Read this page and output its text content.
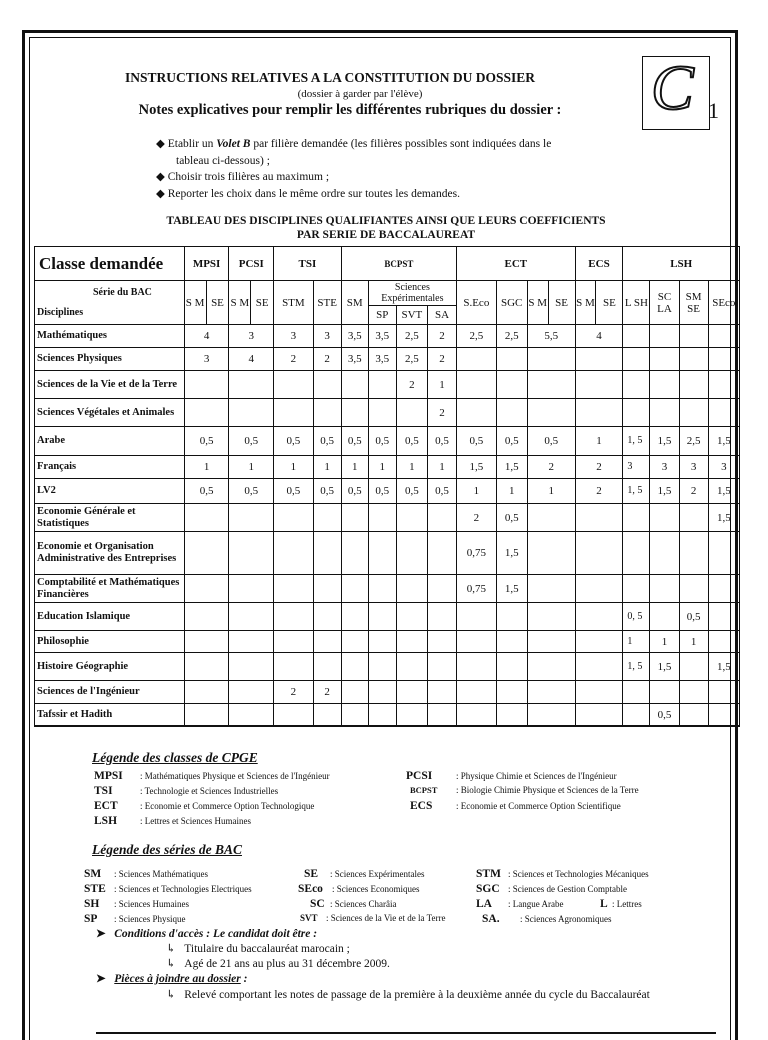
INSTRUCTIONS RELATIVES A LA CONSTITUTION DU DOSSIER
(dossier à garder par l'élève)
Notes explicatives pour remplir les différentes rubriques du dossier :	C 1
◆ Etablir un Volet B par filière demandée (les filières possibles sont indiquées dans le
tableau ci-dessous) ;
◆ Choisir trois filières au maximum ;
◆ Reporter les choix dans le même ordre sur toutes les demandes.
TABLEAU DES DISCIPLINES QUALIFIANTES AINSI QUE LEURS COEFFICIENTS
PAR SERIE DE BACCALAUREAT
Classe demandée	MPSI		PCSI		TSI		BCPST				ECT				ECS		LSH			

Série du BAC
Disciplines	S M	SE	S M	SE	STM	STE	SM	Sciences Expérimentales			S.Eco	SGC	S M	SE	S M	SE	L SH	SC LA	SM SE	SEco
								SP	SVT	SA										
Mathématiques	4		3		3	3	3,5	3,5	2,5	2	2,5	2,5	5,5		4					
Sciences Physiques	3		4		2	2	3,5	3,5	2,5	2										
Sciences de la Vie et de la Terre									2	1										
Sciences Végétales et Animales										2										
Arabe	0,5		0,5		0,5	0,5	0,5	0,5	0,5	0,5	0,5	0,5	0,5		1		1, 5	1,5	2,5	1,5
Français	1		1		1	1	1	1	1	1	1,5	1,5	2		2		3	3	3	3
LV2	0,5		0,5		0,5	0,5	0,5	0,5	0,5	0,5	1	1	1		2		1, 5	1,5	2	1,5
Economie Générale et Statistiques											2	0,5								1,5
Economie et Organisation Administrative des Entreprises											0,75	1,5								
Comptabilité et Mathématiques Financières											0,75	1,5								
Education Islamique																	0, 5		0,5	
Philosophie																	1	1	1	
Histoire Géographie																	1, 5	1,5		1,5
Sciences de l'Ingénieur					2	2														
Tafssir et Hadith																		0,5		
Légende des classes de CPGE
MPSI : Mathématiques Physique et Sciences de l'Ingénieur	PCSI	: Physique Chimie et Sciences de l'Ingénieur
TSI	: Technologie et Sciences Industrielles	BCPST : Biologie Chimie Physique et Sciences de la Terre
ECT : Economie et Commerce Option Technologique	ECS	: Economie et Commerce Option Scientifique
LSH	: Lettres et Sciences Humaines
Légende des séries de BAC
SM : Sciences Mathématiques	SE : Sciences Expérimentales	STM : Sciences et Technologies Mécaniques
STE : Sciences et Technologies Electriques	SEco : Sciences Economiques	SGC : Sciences de Gestion Comptable
SH : Sciences Humaines	SC : Sciences Charâia	LA : Langue Arabe	L : Lettres
SP : Sciences Physique	SVT : Sciences de la Vie et de la Terre	SA. : Sciences Agronomiques
➤ Conditions d'accès : Le candidat doit être :
↳ Titulaire du baccalauréat marocain ;
↳ Agé de 21 ans au plus au 31 décembre 2009.
➤ Pièces à joindre au dossier :
↳ Relevé comportant les notes de passage de la première à la deuxième année du cycle du Baccalauréat
